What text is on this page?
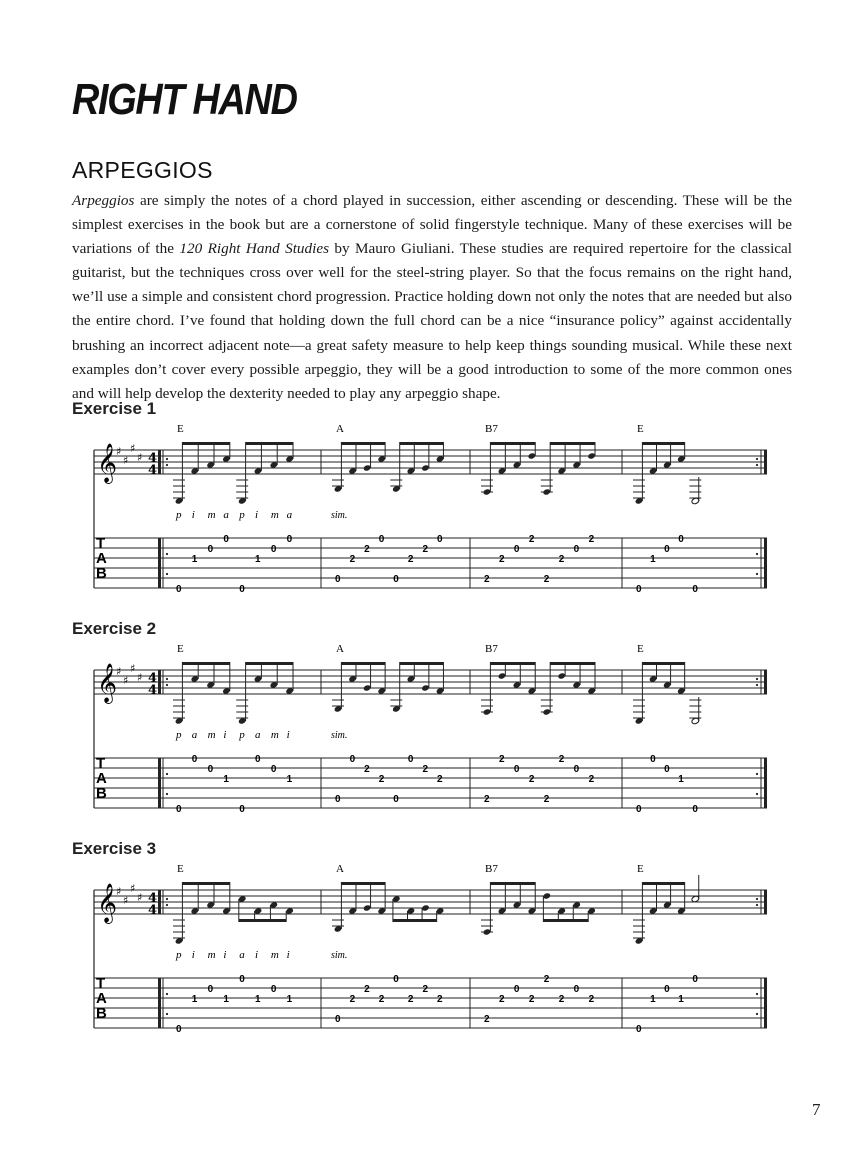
RIGHT HAND
ARPEGGIOS

Arpeggios are simply the notes of a chord played in succession, either ascending or descending. These will be the simplest exercises in the book but are a cornerstone of solid fingerstyle technique. Many of these exercises will be variations of the 120 Right Hand Studies by Mauro Giuliani. These studies are required repertoire for the classical guitarist, but the techniques cross over well for the steel-string player. So that the focus remains on the right hand, we’ll use a simple and consistent chord progression. Practice holding down not only the notes that are needed but also the entire chord. I’ve found that holding down the full chord can be a nice “insurance policy” against accidentally brushing an incorrect adjacent note—a great safety measure to help keep things sounding musical. While these next examples don’t cover every possible arpeggio, they will be a good introduction to some of the more common ones and will help develop the dexterity needed to play any arpeggio shape.

Exercise 1
𝄞
♯
♯
♯
♯ 4
4
T
A
B
E
0
1
0
0
0
1
0
0
A
0
2
2
0
0
2
2
0
B7
2
2
0
2
2
2
0
2
E
0
1
0
0
0
p i m a p i m a	sim.
Exercise 2
𝄞
♯
♯
♯
♯ 4
4
T
A
B
E
0
0
0
1
0
0
0
1
A
0
0
2
2
0
0
2
2
B7
2
2
0
2
2
2
0
2
E
0
0
0
1
0
p a m i p a m i	sim.
Exercise 3
𝄞
♯
♯
♯
♯ 4
4
T
A
B
E
0
1
0
1
0
1
0
1
A
0
2
2
2
0
2
2
2
B7
2
2
0
2
2
2
0
2
E
0
1
0
1
0
p i m i a i m i	sim.
7
